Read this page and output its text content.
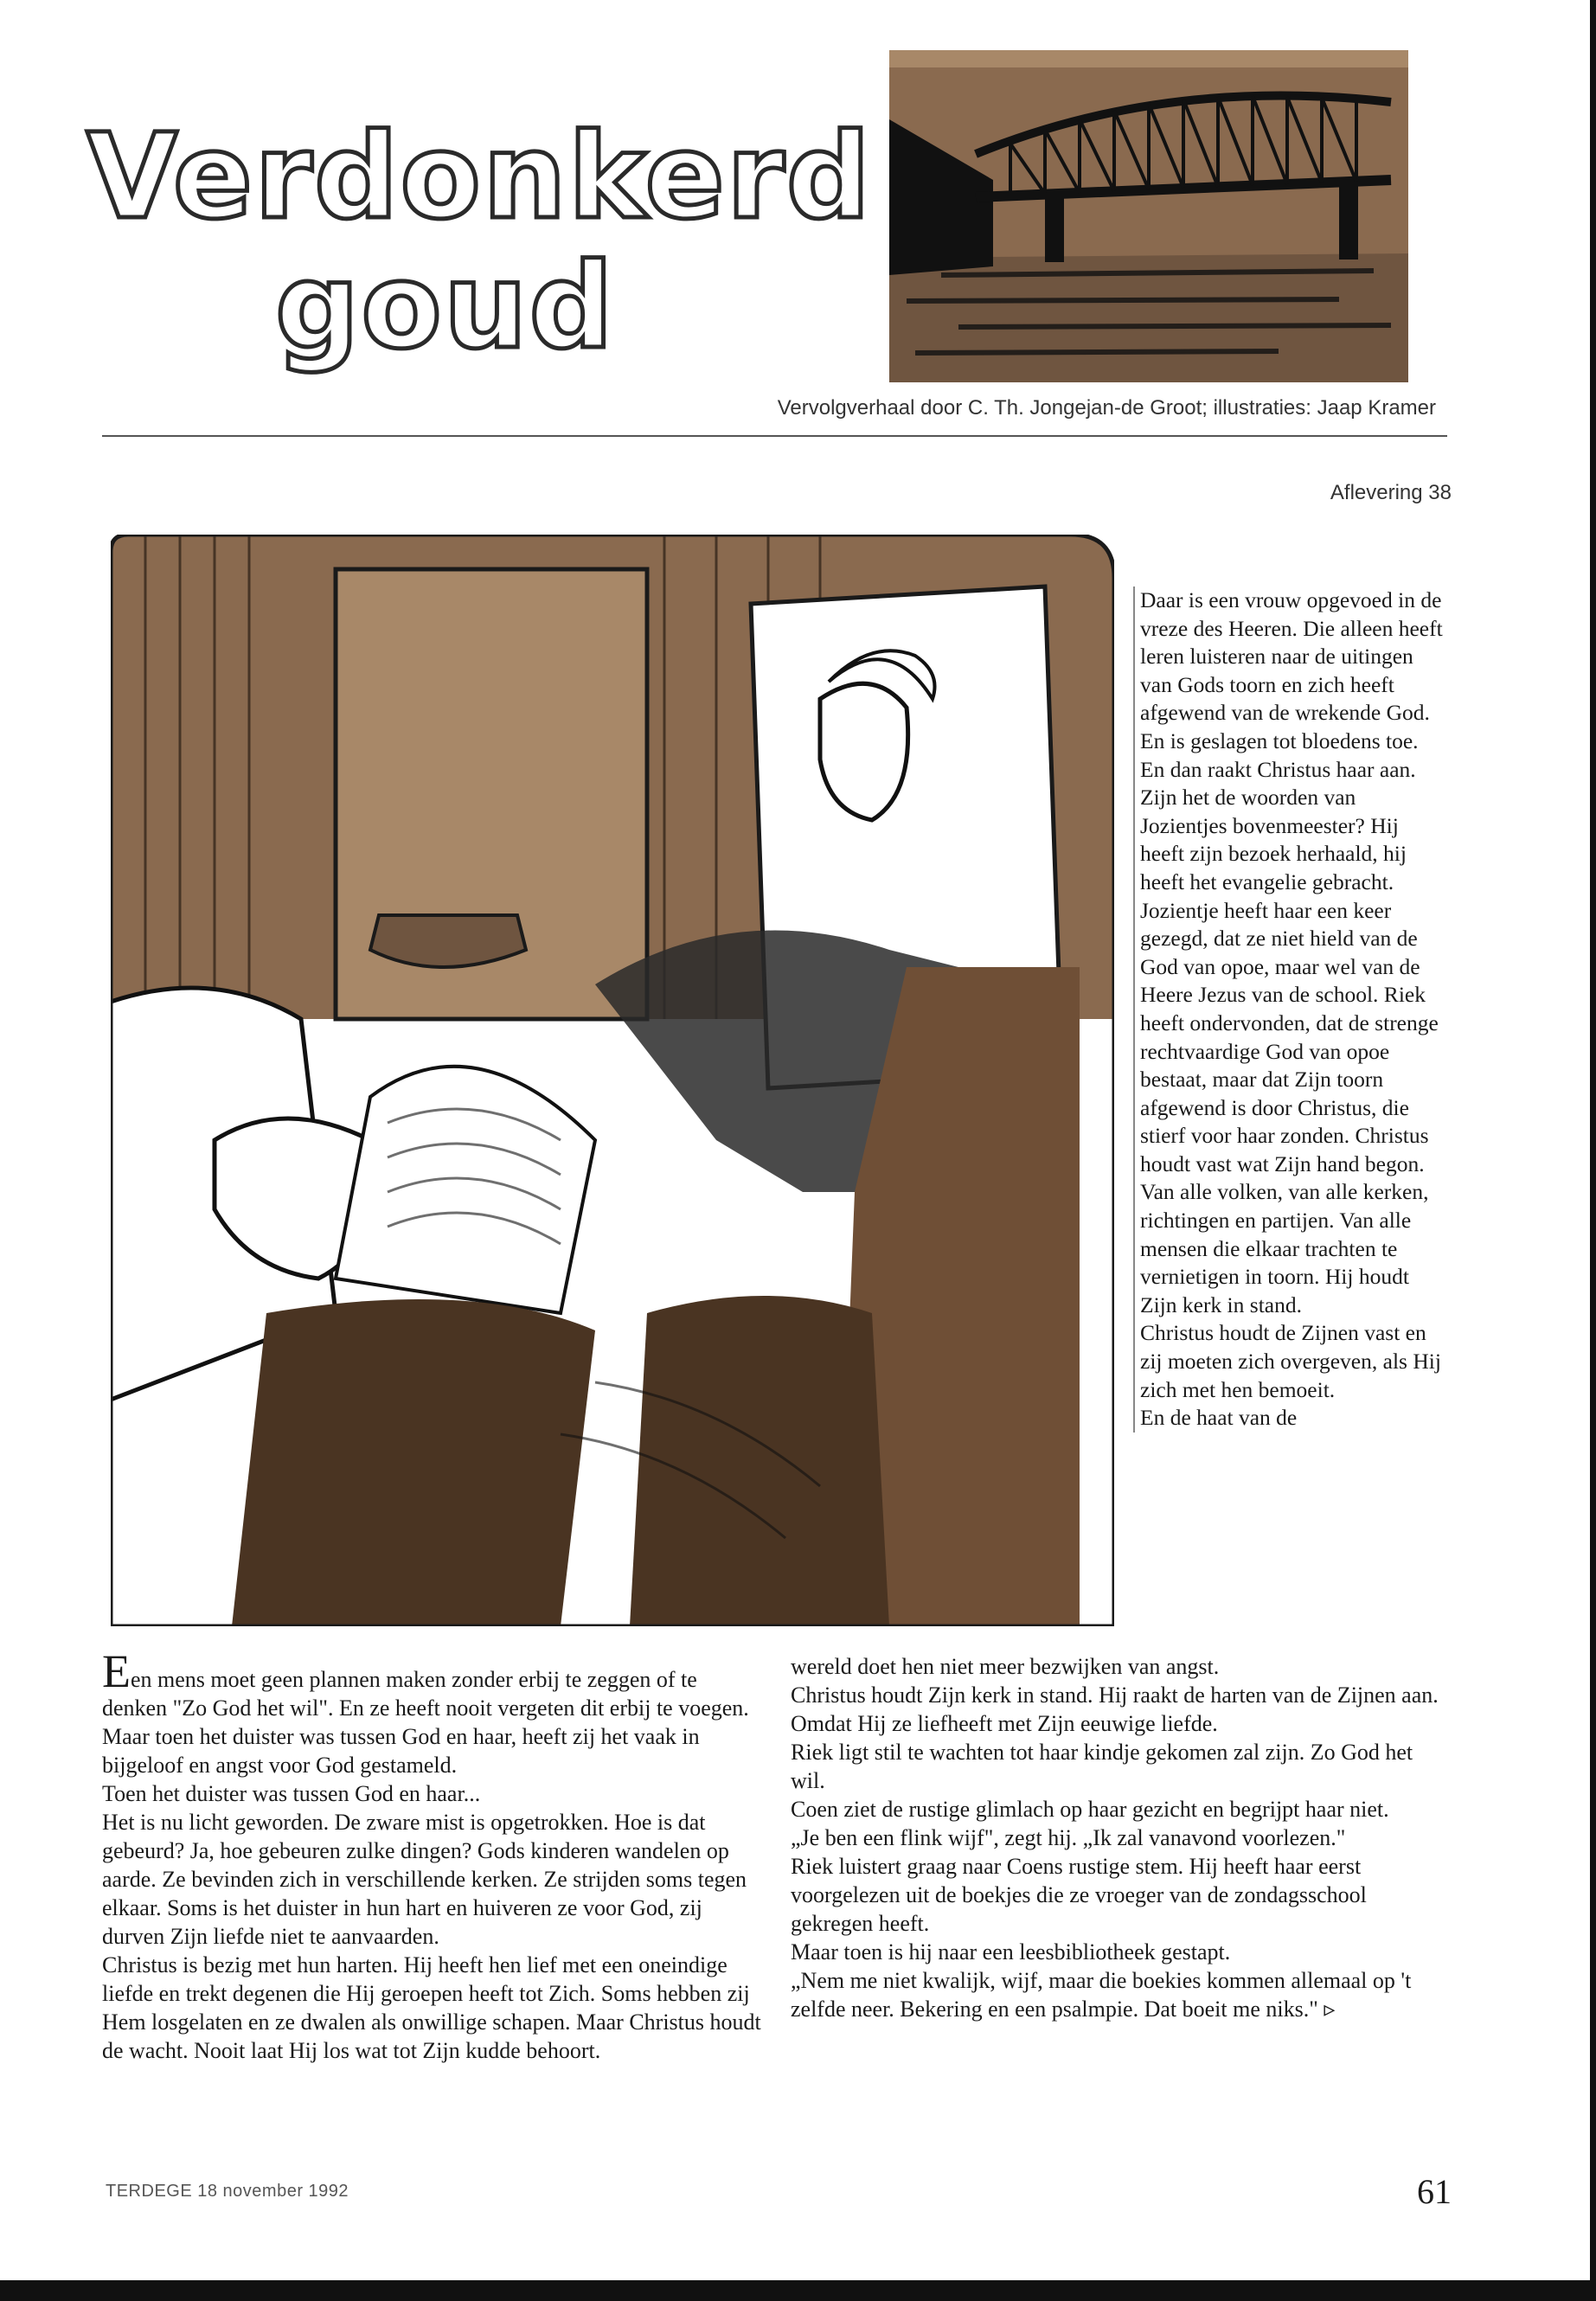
Verdonkerd
goud
Vervolgverhaal door C. Th. Jongejan-de Groot; illustraties: Jaap Kramer
Aflevering 38

Daar is een vrouw opgevoed in de vreze des Heeren. Die alleen heeft leren luisteren naar de uitingen van Gods toorn en zich heeft afgewend van de wrekende God. En is geslagen tot bloedens toe. En dan raakt Christus haar aan. Zijn het de woorden van Jozientjes bovenmeester? Hij heeft zijn bezoek herhaald, hij heeft het evangelie gebracht.

Jozientje heeft haar een keer gezegd, dat ze niet hield van de God van opoe, maar wel van de Heere Jezus van de school. Riek heeft ondervonden, dat de strenge rechtvaardige God van opoe bestaat, maar dat Zijn toorn afgewend is door Christus, die stierf voor haar zonden. Christus houdt vast wat Zijn hand begon. Van alle volken, van alle kerken, richtingen en partijen. Van alle mensen die elkaar trachten te vernietigen in toorn. Hij houdt Zijn kerk in stand.

Christus houdt de Zijnen vast en zij moeten zich overgeven, als Hij zich met hen bemoeit.

En de haat van de

Een mens moet geen plannen maken zonder erbij te zeggen of te denken "Zo God het wil". En ze heeft nooit vergeten dit erbij te voegen.

Maar toen het duister was tussen God en haar, heeft zij het vaak in bijgeloof en angst voor God gestameld.

Toen het duister was tussen God en haar...

Het is nu licht geworden. De zware mist is opgetrokken. Hoe is dat gebeurd? Ja, hoe gebeuren zulke dingen? Gods kinderen wandelen op aarde. Ze bevinden zich in verschillende kerken. Ze strijden soms tegen elkaar. Soms is het duister in hun hart en huiveren ze voor God, zij durven Zijn liefde niet te aanvaarden.

Christus is bezig met hun harten. Hij heeft hen lief met een oneindige liefde en trekt degenen die Hij geroepen heeft tot Zich. Soms hebben zij Hem losgelaten en ze dwalen als onwillige schapen. Maar Christus houdt de wacht. Nooit laat Hij los wat tot Zijn kudde behoort.

wereld doet hen niet meer bezwijken van angst.

Christus houdt Zijn kerk in stand. Hij raakt de harten van de Zijnen aan. Omdat Hij ze liefheeft met Zijn eeuwige liefde.

Riek ligt stil te wachten tot haar kindje gekomen zal zijn. Zo God het wil.

Coen ziet de rustige glimlach op haar gezicht en begrijpt haar niet.

„Je ben een flink wijf", zegt hij. „Ik zal vanavond voorlezen."

Riek luistert graag naar Coens rustige stem. Hij heeft haar eerst voorgelezen uit de boekjes die ze vroeger van de zondagsschool gekregen heeft.

Maar toen is hij naar een leesbibliotheek gestapt.

„Nem me niet kwalijk, wijf, maar die boekies kommen allemaal op 't zelfde neer. Bekering en een psalmpie. Dat boeit me niks." ▹

TERDEGE 18 november 1992	61
